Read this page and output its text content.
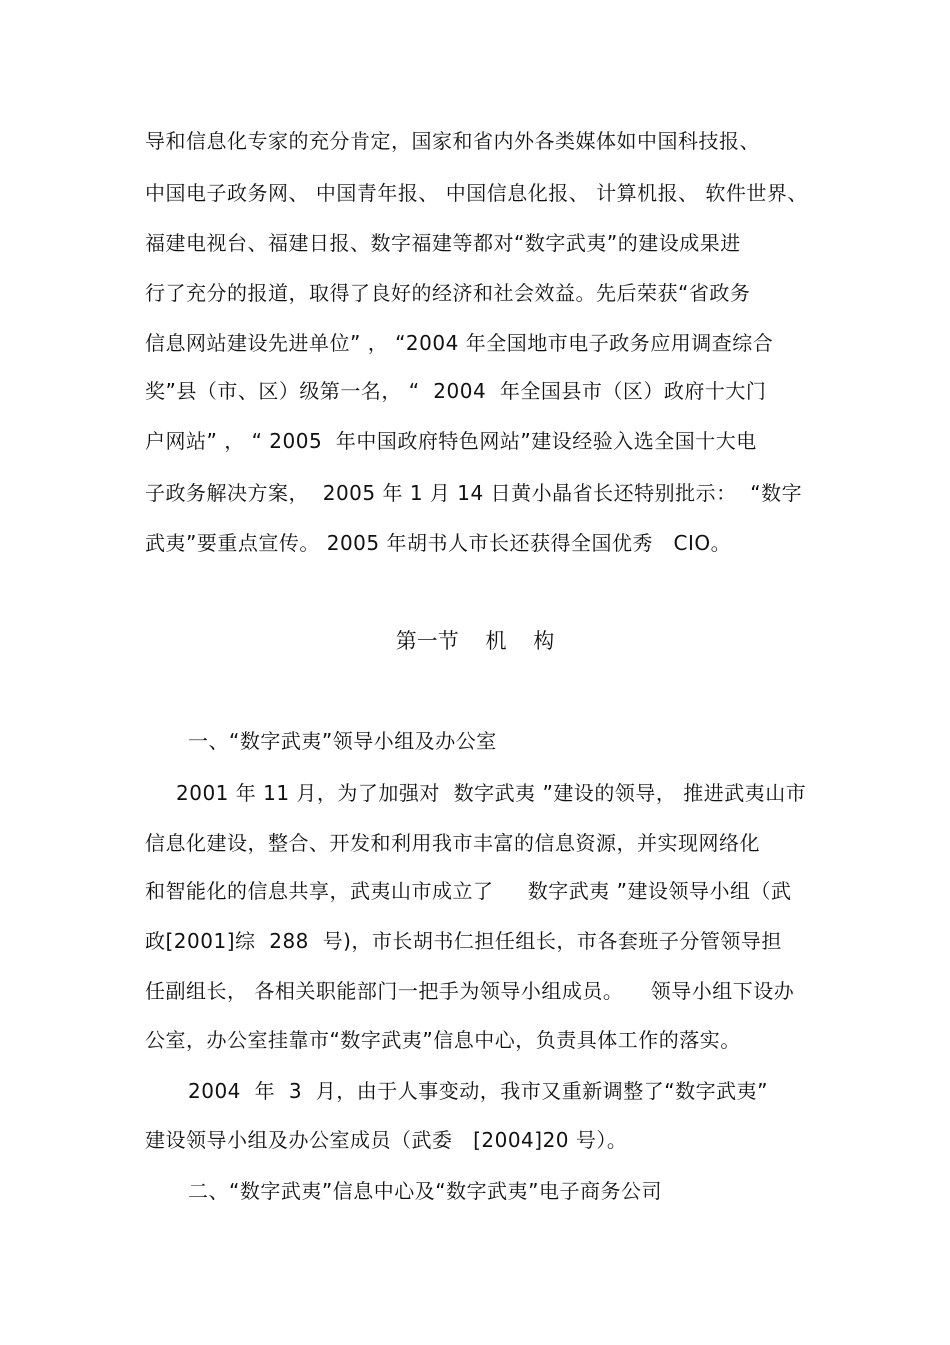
导和信息化专家的充分肯定，国家和省内外各类媒体如中国科技报、
中国电子政务网、 中国青年报、 中国信息化报、 计算机报、 软件世界、
福建电视台、福建日报、数字福建等都对“数字武夷”的建设成果进
行了充分的报道，取得了良好的经济和社会效益。先后荣获“省政务
信息网站建设先进单位” ， “2004 年全国地市电子政务应用调查综合
奖”县（市、区）级第一名， “  2004  年全国县市（区）政府十大门
户网站” ， “ 2005  年中国政府特色网站”建设经验入选全国十大电
子政务解决方案，  2005 年 1 月 14 日黄小晶省长还特别批示：  “数字
武夷”要重点宣传。 2005 年胡书人市长还获得全国优秀   CIO。
第一节    机    构
一、“数字武夷”领导小组及办公室
2001 年 11 月，为了加强对  数字武夷 ”建设的领导， 推进武夷山市
信息化建设，整合、开发和利用我市丰富的信息资源，并实现网络化
和智能化的信息共享，武夷山市成立了     数字武夷 ”建设领导小组（武
政[2001]综  288  号)，市长胡书仁担任组长，市各套班子分管领导担
任副组长， 各相关职能部门一把手为领导小组成员。    领导小组下设办
公室，办公室挂靠市“数字武夷”信息中心，负责具体工作的落实。
2004  年  3  月，由于人事变动，我市又重新调整了“数字武夷”
建设领导小组及办公室成员（武委   [2004]20 号）。
二、“数字武夷”信息中心及“数字武夷”电子商务公司
